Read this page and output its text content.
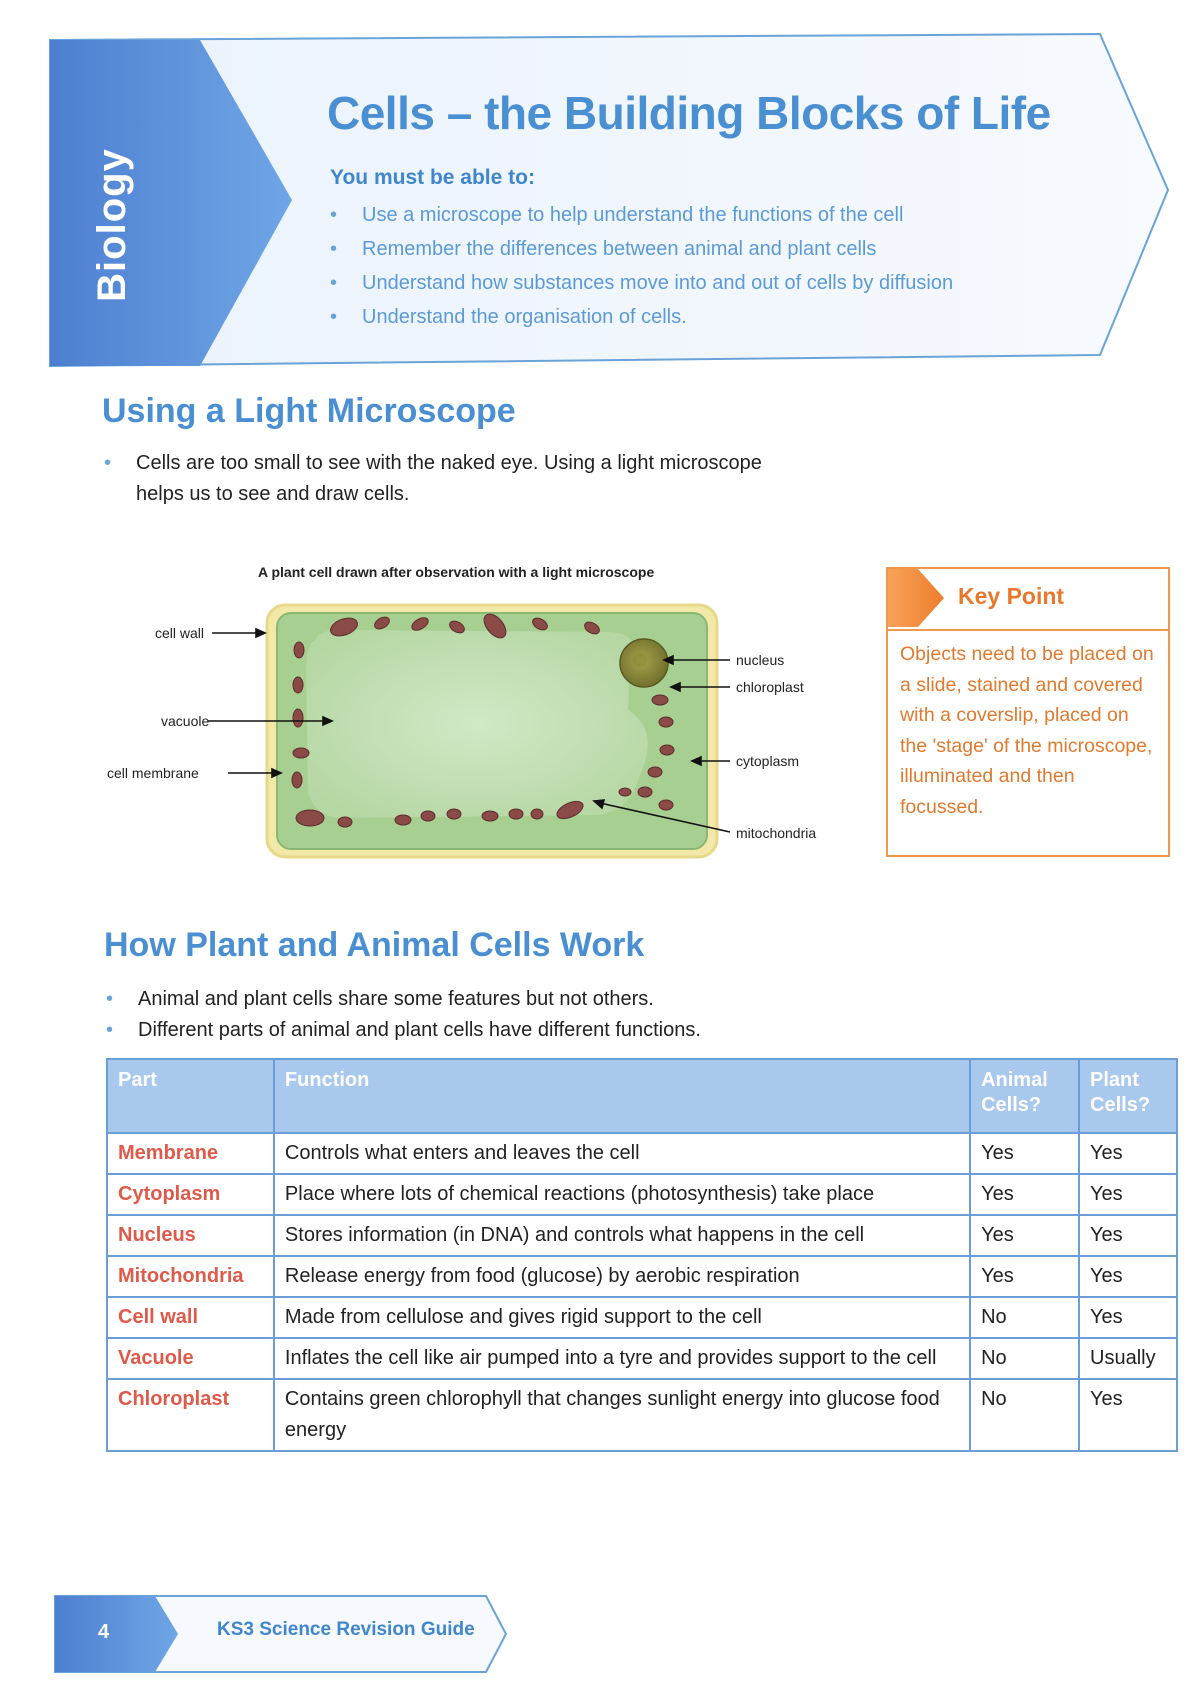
Biology
Cells – the Building Blocks of Life
You must be able to:
• Use a microscope to help understand the functions of the cell
• Remember the differences between animal and plant cells
• Understand how substances move into and out of cells by diffusion
• Understand the organisation of cells.
Using a Light Microscope
• Cells are too small to see with the naked eye. Using a light microscope helps us to see and draw cells.
A plant cell drawn after observation with a light microscope
cell wall
vacuole
cell membrane
nucleus
chloroplast
cytoplasm
mitochondria
Key Point
Objects need to be placed on a slide, stained and covered with a coverslip, placed on the 'stage' of the microscope, illuminated and then focussed.
How Plant and Animal Cells Work
• Animal and plant cells share some features but not others.
• Different parts of animal and plant cells have different functions.
Part	Function	Animal Cells?	Plant Cells?
Membrane	Controls what enters and leaves the cell	Yes	Yes
Cytoplasm	Place where lots of chemical reactions (photosynthesis) take place	Yes	Yes
Nucleus	Stores information (in DNA) and controls what happens in the cell	Yes	Yes
Mitochondria	Release energy from food (glucose) by aerobic respiration	Yes	Yes
Cell wall	Made from cellulose and gives rigid support to the cell	No	Yes
Vacuole	Inflates the cell like air pumped into a tyre and provides support to the cell	No	Usually
Chloroplast	Contains green chlorophyll that changes sunlight energy into glucose food energy	No	Yes
4	KS3 Science Revision Guide
